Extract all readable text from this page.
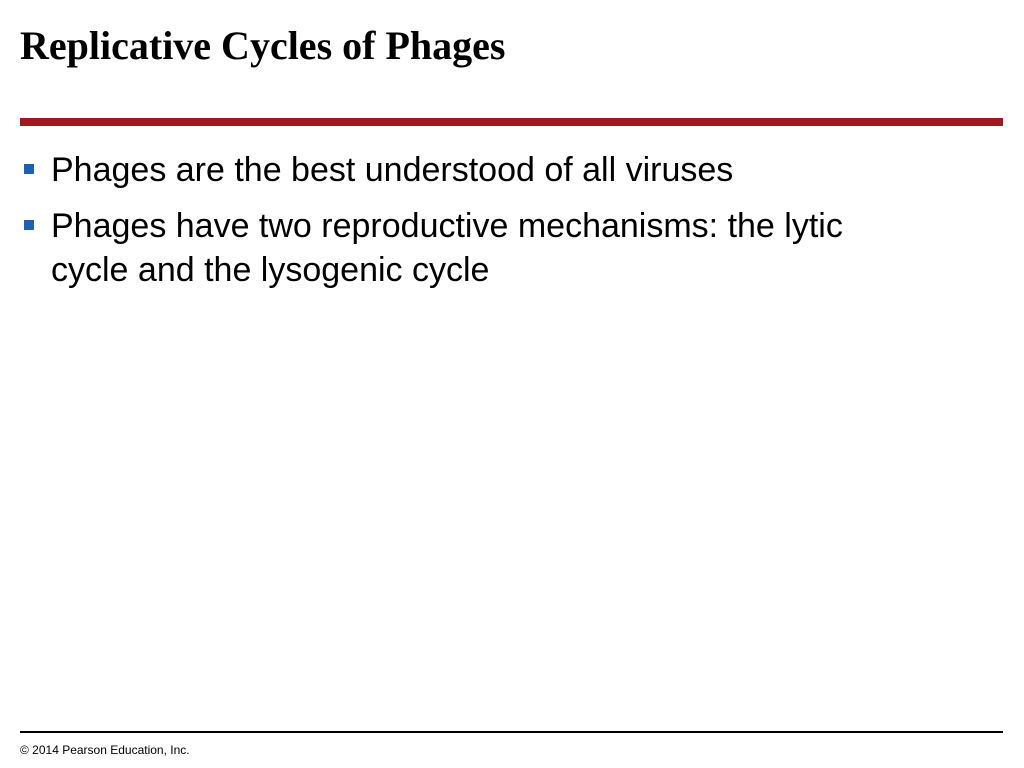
Replicative Cycles of Phages
Phages are the best understood of all viruses
Phages have two reproductive mechanisms: the lytic cycle and the lysogenic cycle
© 2014 Pearson Education, Inc.
